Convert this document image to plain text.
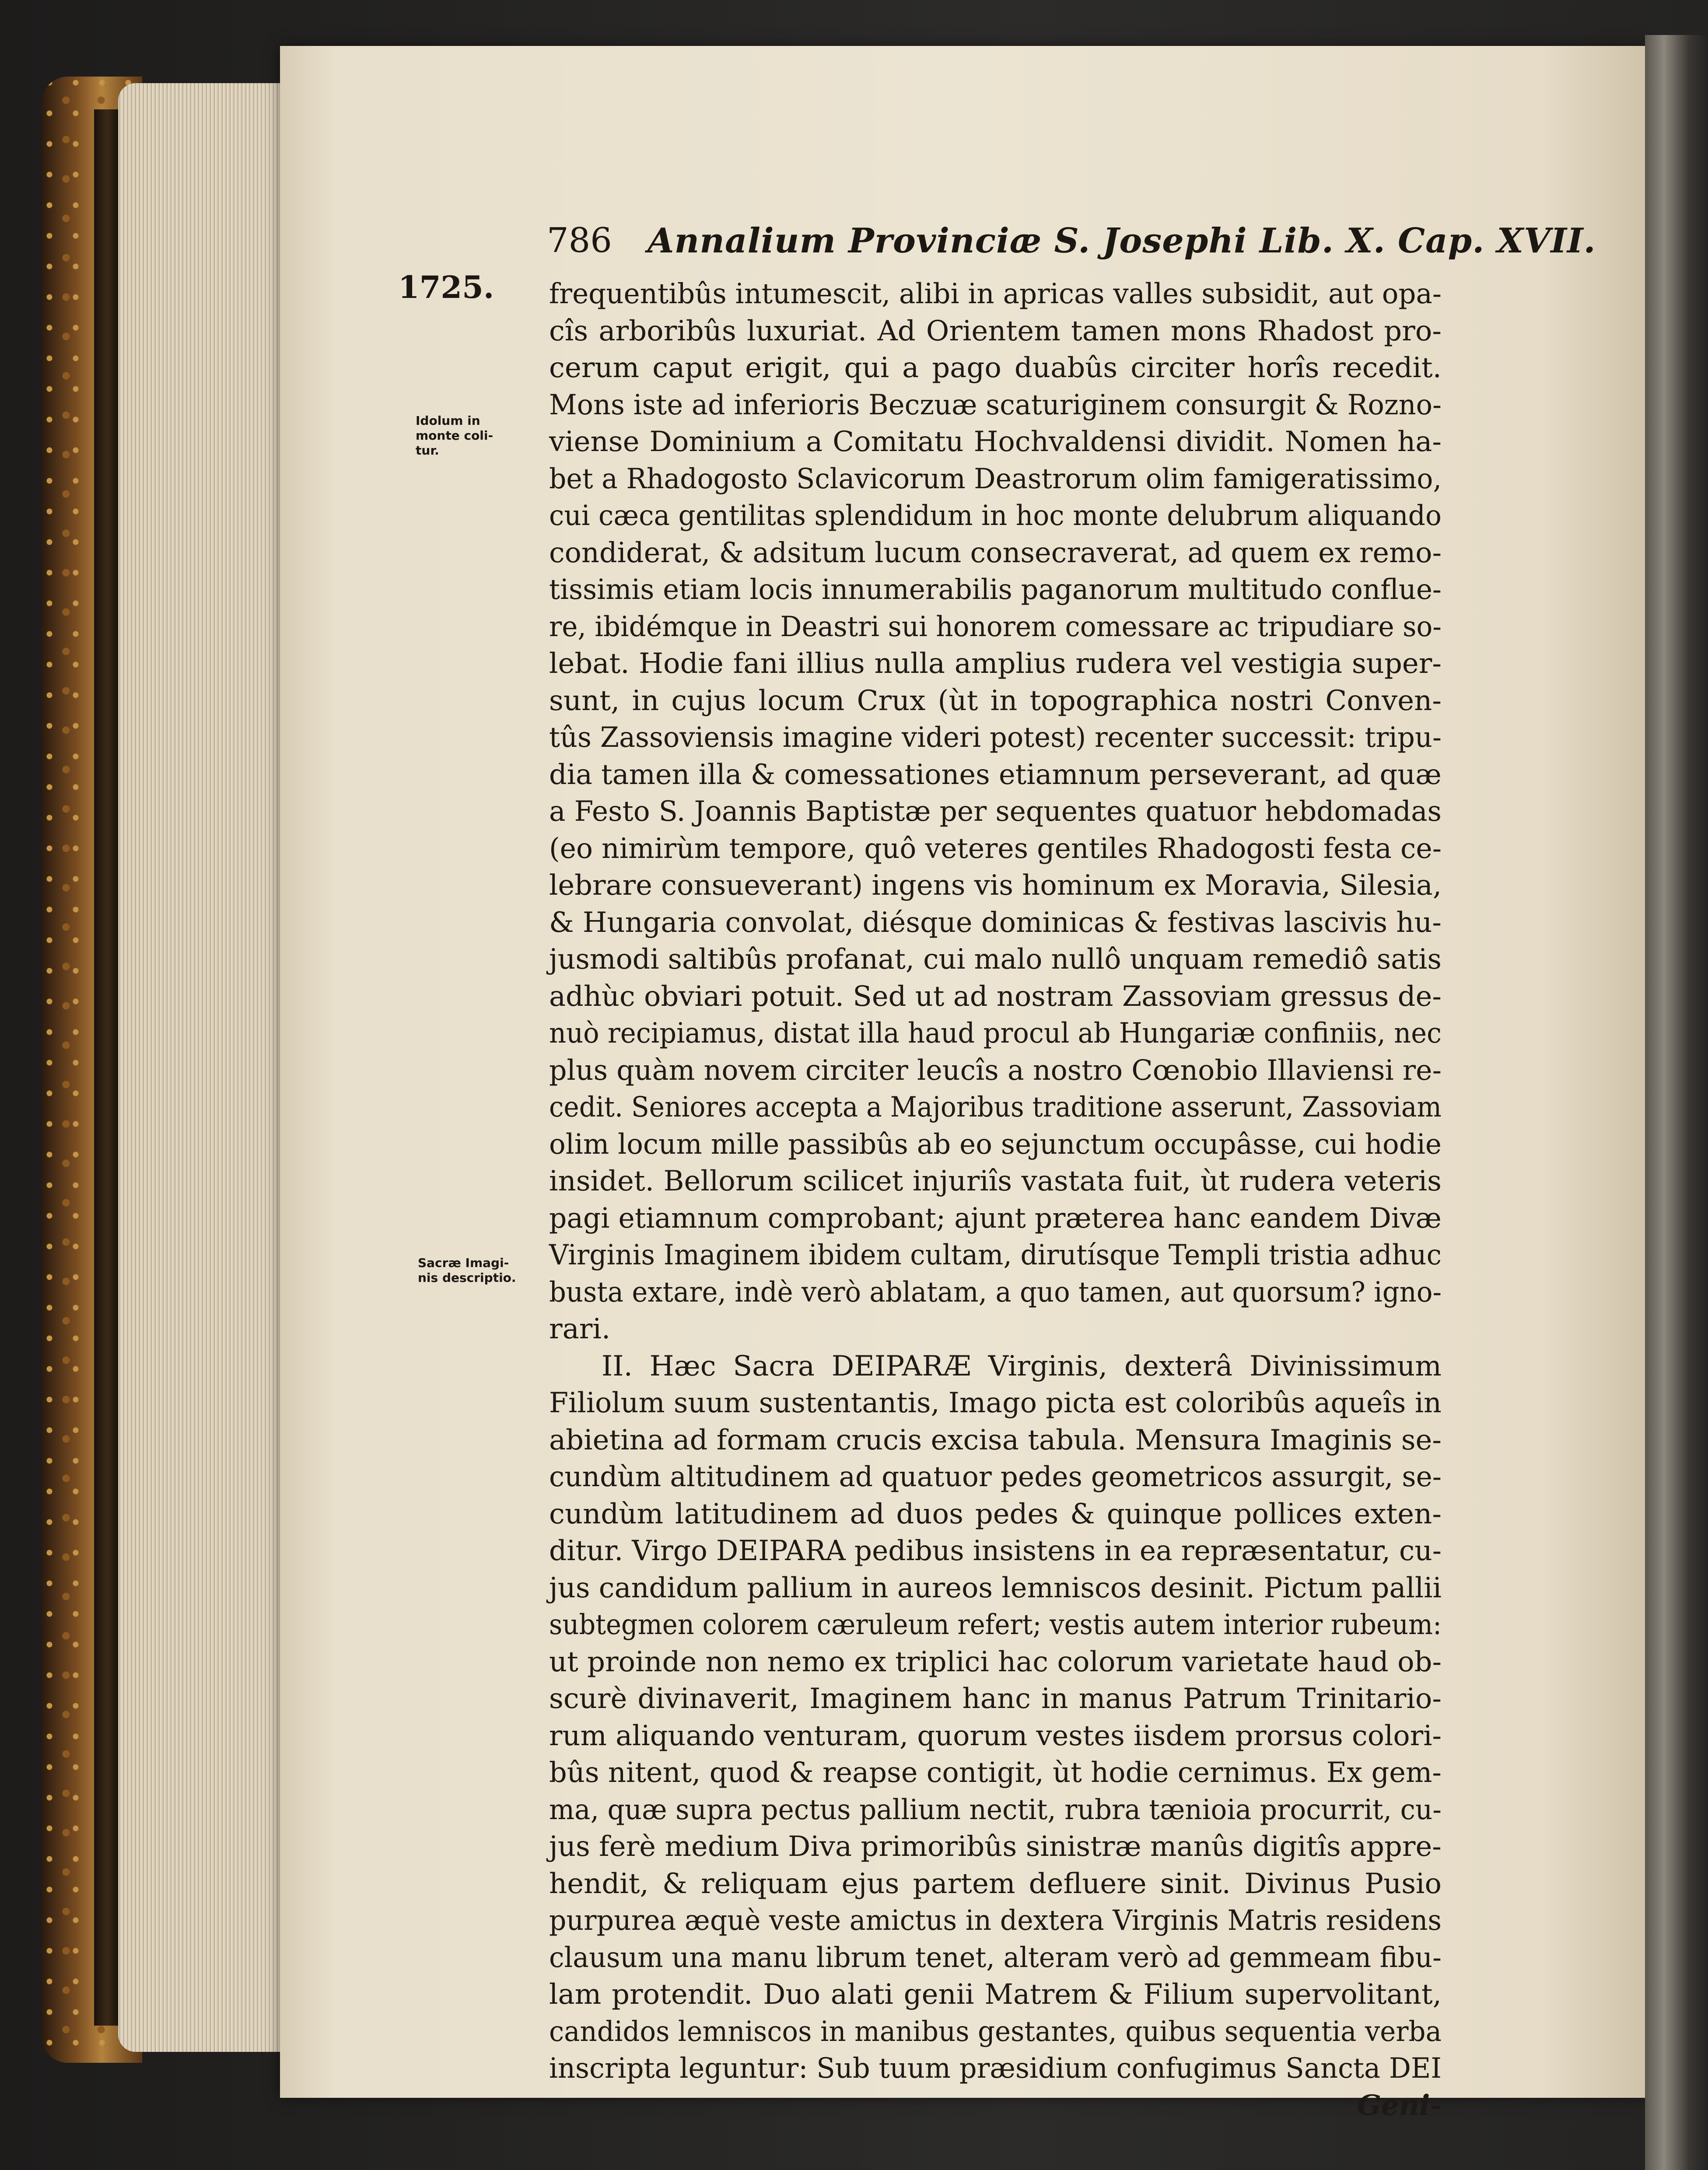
786 Annalium Provinciæ S. Josephi Lib. X. Cap. XVII.
1725.
Idolum in
monte coli-
tur.
Sacræ Imagi-
nis descriptio.
frequentibûs intumescit, alibi in apricas valles subsidit, aut opa-
cîs arboribûs luxuriat. Ad Orientem tamen mons Rhadost pro-
cerum caput erigit, qui a pago duabûs circiter horîs recedit.
Mons iste ad inferioris Beczuæ scaturiginem consurgit & Rozno-
viense Dominium a Comitatu Hochvaldensi dividit. Nomen ha-
bet a Rhadogosto Sclavicorum Deastrorum olim famigeratissimo,
cui cæca gentilitas splendidum in hoc monte delubrum aliquando
condiderat, & adsitum lucum consecraverat, ad quem ex remo-
tissimis etiam locis innumerabilis paganorum multitudo conflue-
re, ibidémque in Deastri sui honorem comessare ac tripudiare so-
lebat. Hodie fani illius nulla amplius rudera vel vestigia super-
sunt, in cujus locum Crux (ùt in topographica nostri Conven-
tûs Zassoviensis imagine videri potest) recenter successit: tripu-
dia tamen illa & comessationes etiamnum perseverant, ad quæ
a Festo S. Joannis Baptistæ per sequentes quatuor hebdomadas
(eo nimirùm tempore, quô veteres gentiles Rhadogosti festa ce-
lebrare consueverant) ingens vis hominum ex Moravia, Silesia,
& Hungaria convolat, diésque dominicas & festivas lascivis hu-
jusmodi saltibûs profanat, cui malo nullô unquam remediô satis
adhùc obviari potuit. Sed ut ad nostram Zassoviam gressus de-
nuò recipiamus, distat illa haud procul ab Hungariæ confiniis, nec
plus quàm novem circiter leucîs a nostro Cœnobio Illaviensi re-
cedit. Seniores accepta a Majoribus traditione asserunt, Zassoviam
olim locum mille passibûs ab eo sejunctum occupâsse, cui hodie
insidet. Bellorum scilicet injuriîs vastata fuit, ùt rudera veteris
pagi etiamnum comprobant; ajunt præterea hanc eandem Divæ
Virginis Imaginem ibidem cultam, dirutísque Templi tristia adhuc
busta extare, indè verò ablatam, a quo tamen, aut quorsum? igno-
rari.
II. Hæc Sacra DEIPARÆ Virginis, dexterâ Divinissimum
Filiolum suum sustentantis, Imago picta est coloribûs aqueîs in
abietina ad formam crucis excisa tabula. Mensura Imaginis se-
cundùm altitudinem ad quatuor pedes geometricos assurgit, se-
cundùm latitudinem ad duos pedes & quinque pollices exten-
ditur. Virgo DEIPARA pedibus insistens in ea repræsentatur, cu-
jus candidum pallium in aureos lemniscos desinit. Pictum pallii
subtegmen colorem cæruleum refert; vestis autem interior rubeum:
ut proinde non nemo ex triplici hac colorum varietate haud ob-
scurè divinaverit, Imaginem hanc in manus Patrum Trinitario-
rum aliquando venturam, quorum vestes iisdem prorsus colori-
bûs nitent, quod & reapse contigit, ùt hodie cernimus. Ex gem-
ma, quæ supra pectus pallium nectit, rubra tænioia procurrit, cu-
jus ferè medium Diva primoribûs sinistræ manûs digitîs appre-
hendit, & reliquam ejus partem defluere sinit. Divinus Pusio
purpurea æquè veste amictus in dextera Virginis Matris residens
clausum una manu librum tenet, alteram verò ad gemmeam fibu-
lam protendit. Duo alati genii Matrem & Filium supervolitant,
candidos lemniscos in manibus gestantes, quibus sequentia verba
inscripta leguntur: Sub tuum præsidium confugimus Sancta DEI
Geni-
